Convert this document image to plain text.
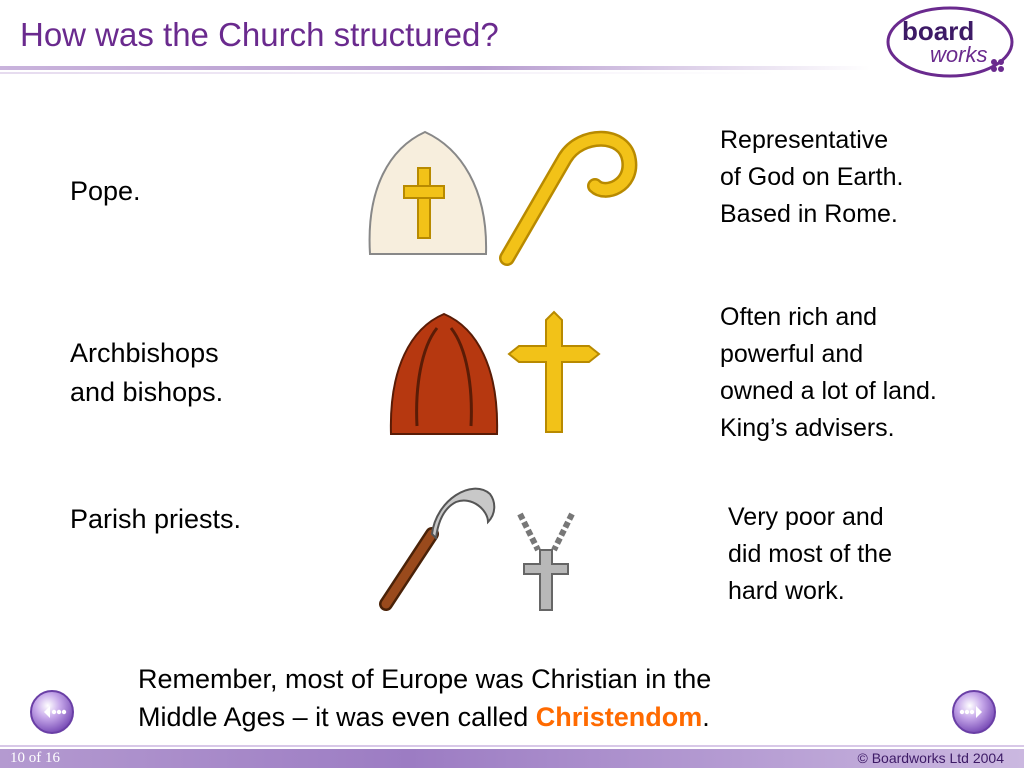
How was the Church structured?	board
works
Pope.
Representative
of God on Earth.
Based in Rome.
Archbishops
and bishops.
Often rich and
powerful and
owned a lot of land.
King’s advisers.
Parish priests.	Very poor and
did most of the
hard work.
Remember, most of Europe was Christian in the
Middle Ages – it was even called Christendom.
10 of 16	© Boardworks Ltd 2004
